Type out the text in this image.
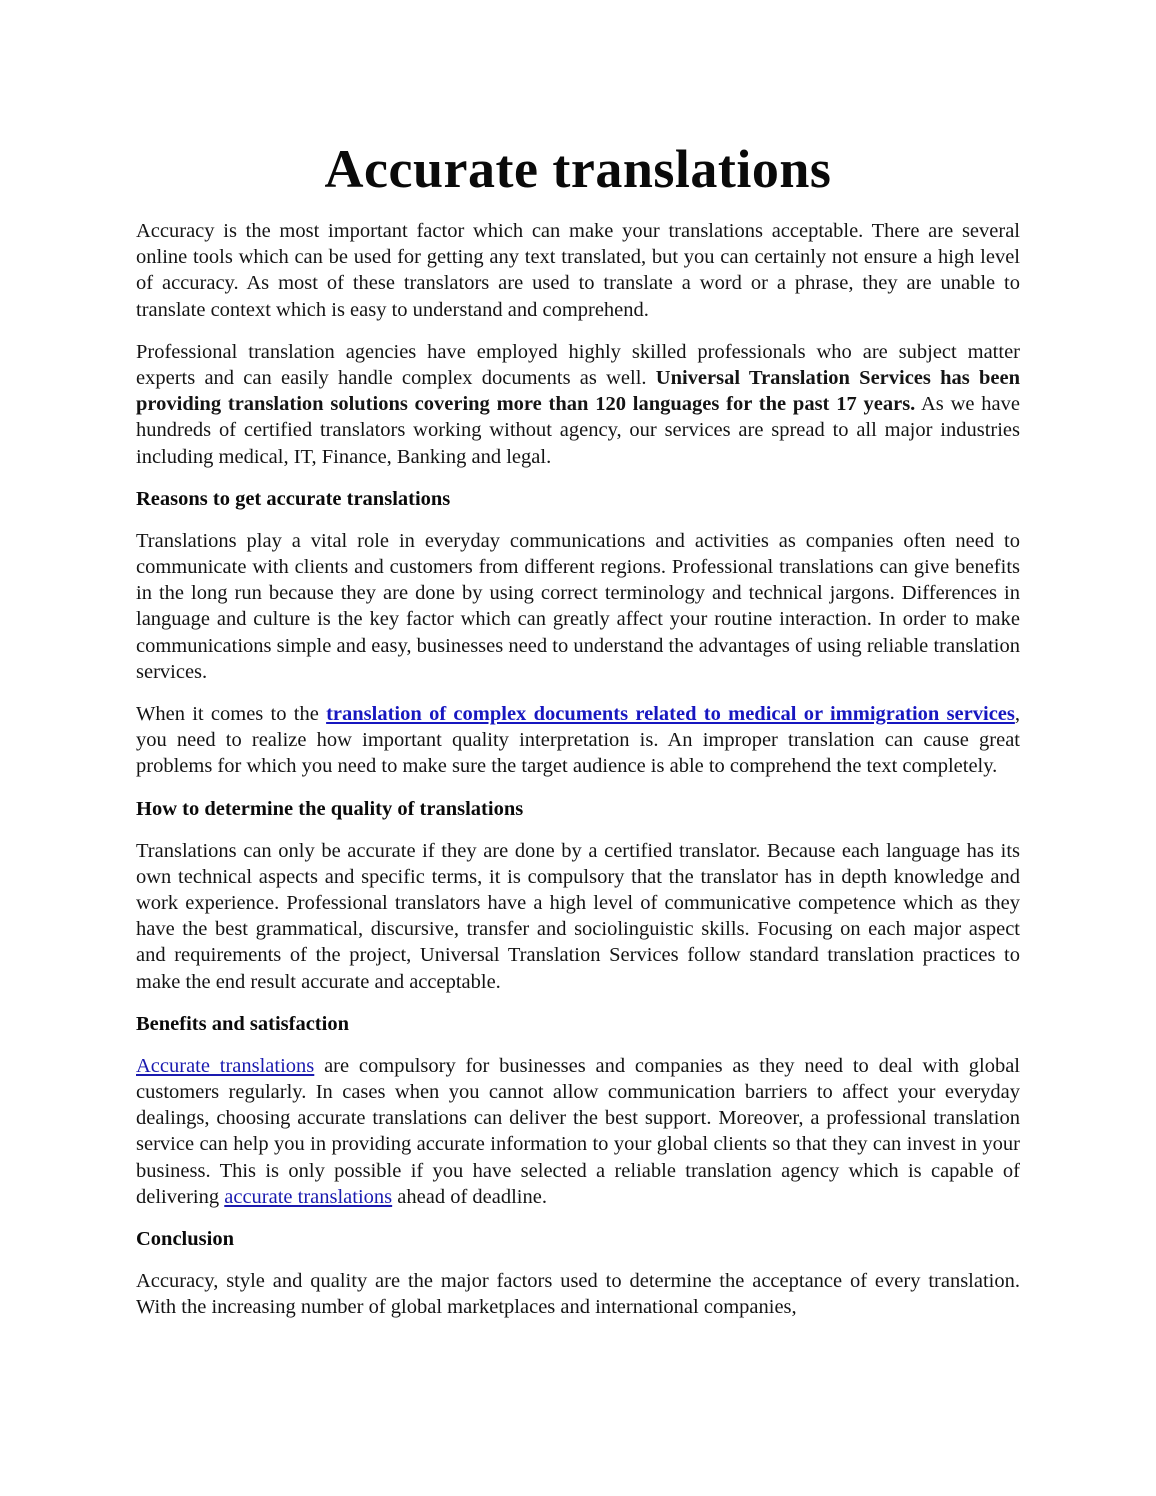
Accurate translations

Accuracy is the most important factor which can make your translations acceptable. There are several online tools which can be used for getting any text translated, but you can certainly not ensure a high level of accuracy. As most of these translators are used to translate a word or a phrase, they are unable to translate context which is easy to understand and comprehend.

Professional translation agencies have employed highly skilled professionals who are subject matter experts and can easily handle complex documents as well. Universal Translation Services has been providing translation solutions covering more than 120 languages for the past 17 years. As we have hundreds of certified translators working without agency, our services are spread to all major industries including medical, IT, Finance, Banking and legal.

Reasons to get accurate translations

Translations play a vital role in everyday communications and activities as companies often need to communicate with clients and customers from different regions. Professional translations can give benefits in the long run because they are done by using correct terminology and technical jargons. Differences in language and culture is the key factor which can greatly affect your routine interaction. In order to make communications simple and easy, businesses need to understand the advantages of using reliable translation services.

When it comes to the translation of complex documents related to medical or immigration services, you need to realize how important quality interpretation is. An improper translation can cause great problems for which you need to make sure the target audience is able to comprehend the text completely.

How to determine the quality of translations

Translations can only be accurate if they are done by a certified translator. Because each language has its own technical aspects and specific terms, it is compulsory that the translator has in depth knowledge and work experience. Professional translators have a high level of communicative competence which as they have the best grammatical, discursive, transfer and sociolinguistic skills. Focusing on each major aspect and requirements of the project, Universal Translation Services follow standard translation practices to make the end result accurate and acceptable.

Benefits and satisfaction

Accurate translations are compulsory for businesses and companies as they need to deal with global customers regularly. In cases when you cannot allow communication barriers to affect your everyday dealings, choosing accurate translations can deliver the best support. Moreover, a professional translation service can help you in providing accurate information to your global clients so that they can invest in your business. This is only possible if you have selected a reliable translation agency which is capable of delivering accurate translations ahead of deadline.

Conclusion

Accuracy, style and quality are the major factors used to determine the acceptance of every translation. With the increasing number of global marketplaces and international companies,
